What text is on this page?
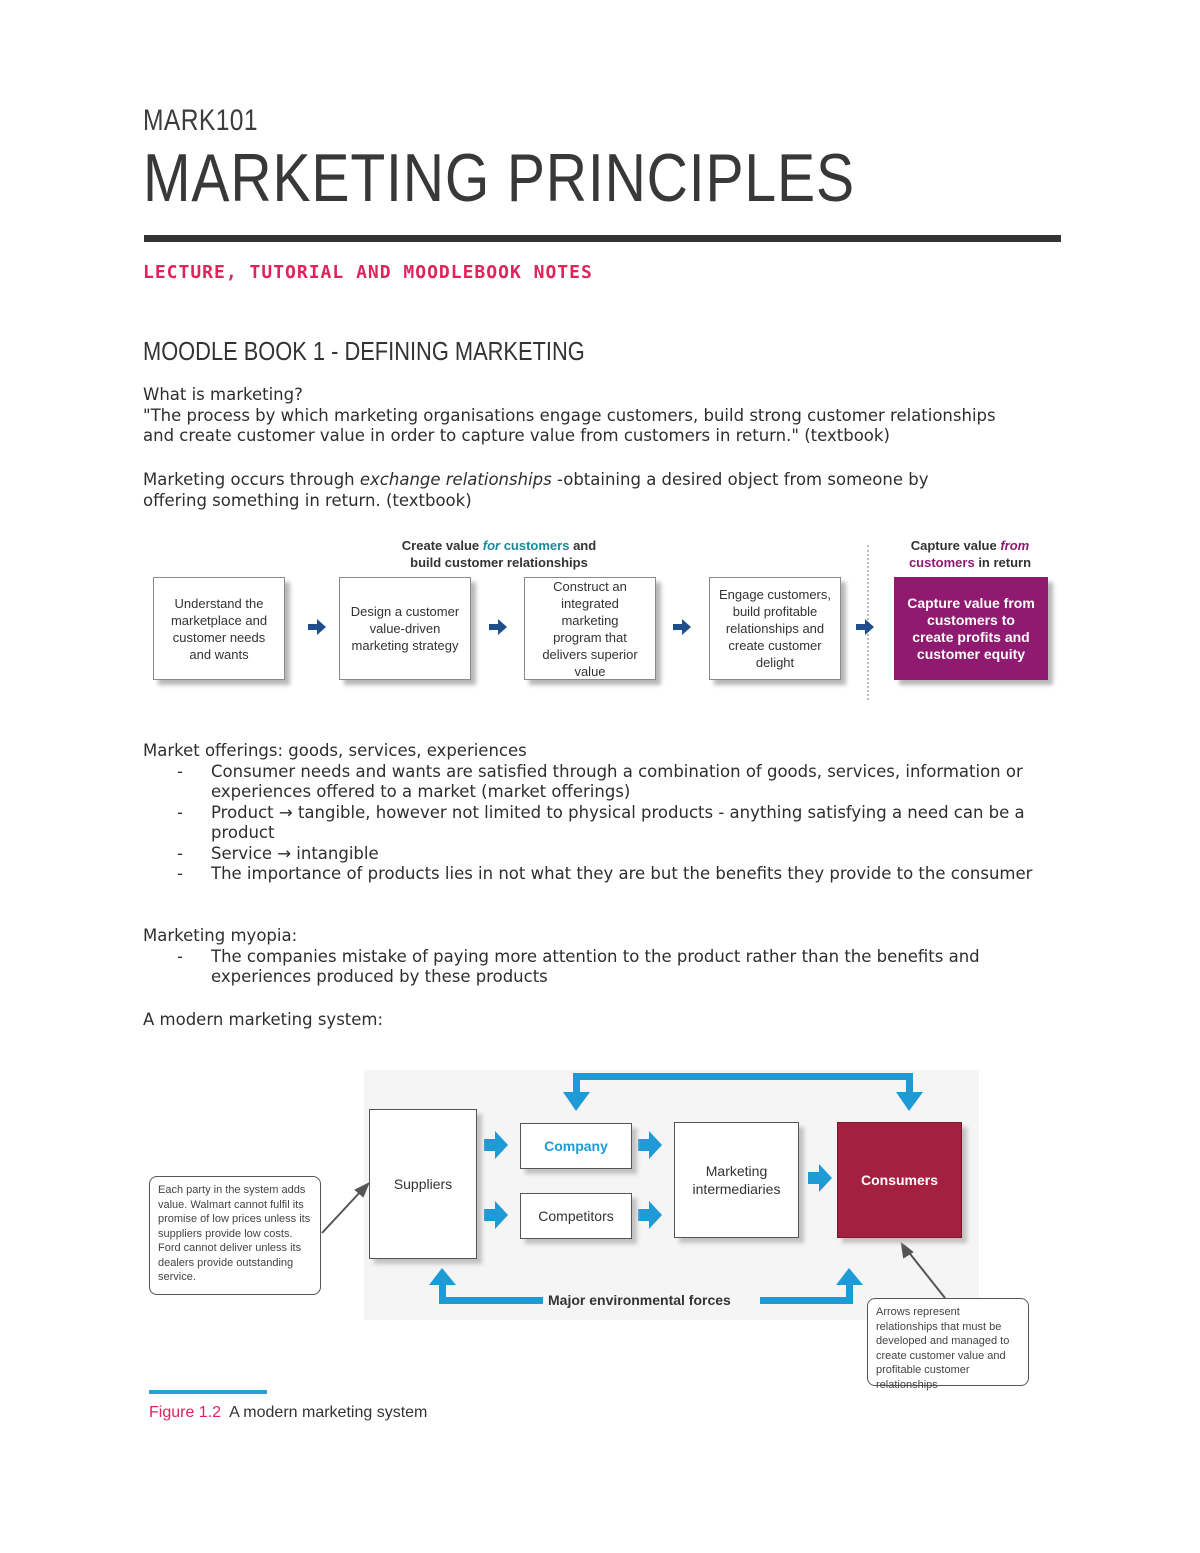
MARK101
MARKETING PRINCIPLES
LECTURE, TUTORIAL AND MOODLEBOOK NOTES
MOODLE BOOK 1 - DEFINING MARKETING
What is marketing?
"The process by which marketing organisations engage customers, build strong customer relationships
and create customer value in order to capture value from customers in return." (textbook)
Marketing occurs through exchange relationships -obtaining a desired object from someone by
offering something in return. (textbook)
Create value for customers and
build customer relationships
Capture value from
customers in return
Understand the marketplace and customer needs and wants
Design a customer value-driven marketing strategy
Construct an integrated marketing program that delivers superior value
Engage customers, build profitable relationships and create customer delight
Capture value from customers to create profits and customer equity
Market offerings: goods, services, experiences
- Consumer needs and wants are satisfied through a combination of goods, services, information or experiences offered to a market (market offerings)
- Product → tangible, however not limited to physical products - anything satisfying a need can be a product
- Service → intangible
- The importance of products lies in not what they are but the benefits they provide to the consumer
Marketing myopia:
- The companies mistake of paying more attention to the product rather than the benefits and experiences produced by these products
A modern marketing system:
Suppliers
Company
Competitors
Marketing intermediaries
Consumers
Major environmental forces
Each party in the system adds value. Walmart cannot fulfil its promise of low prices unless its suppliers provide low costs. Ford cannot deliver unless its dealers provide outstanding service.
Arrows represent relationships that must be developed and managed to create customer value and profitable customer relationships
Figure 1.2 A modern marketing system
